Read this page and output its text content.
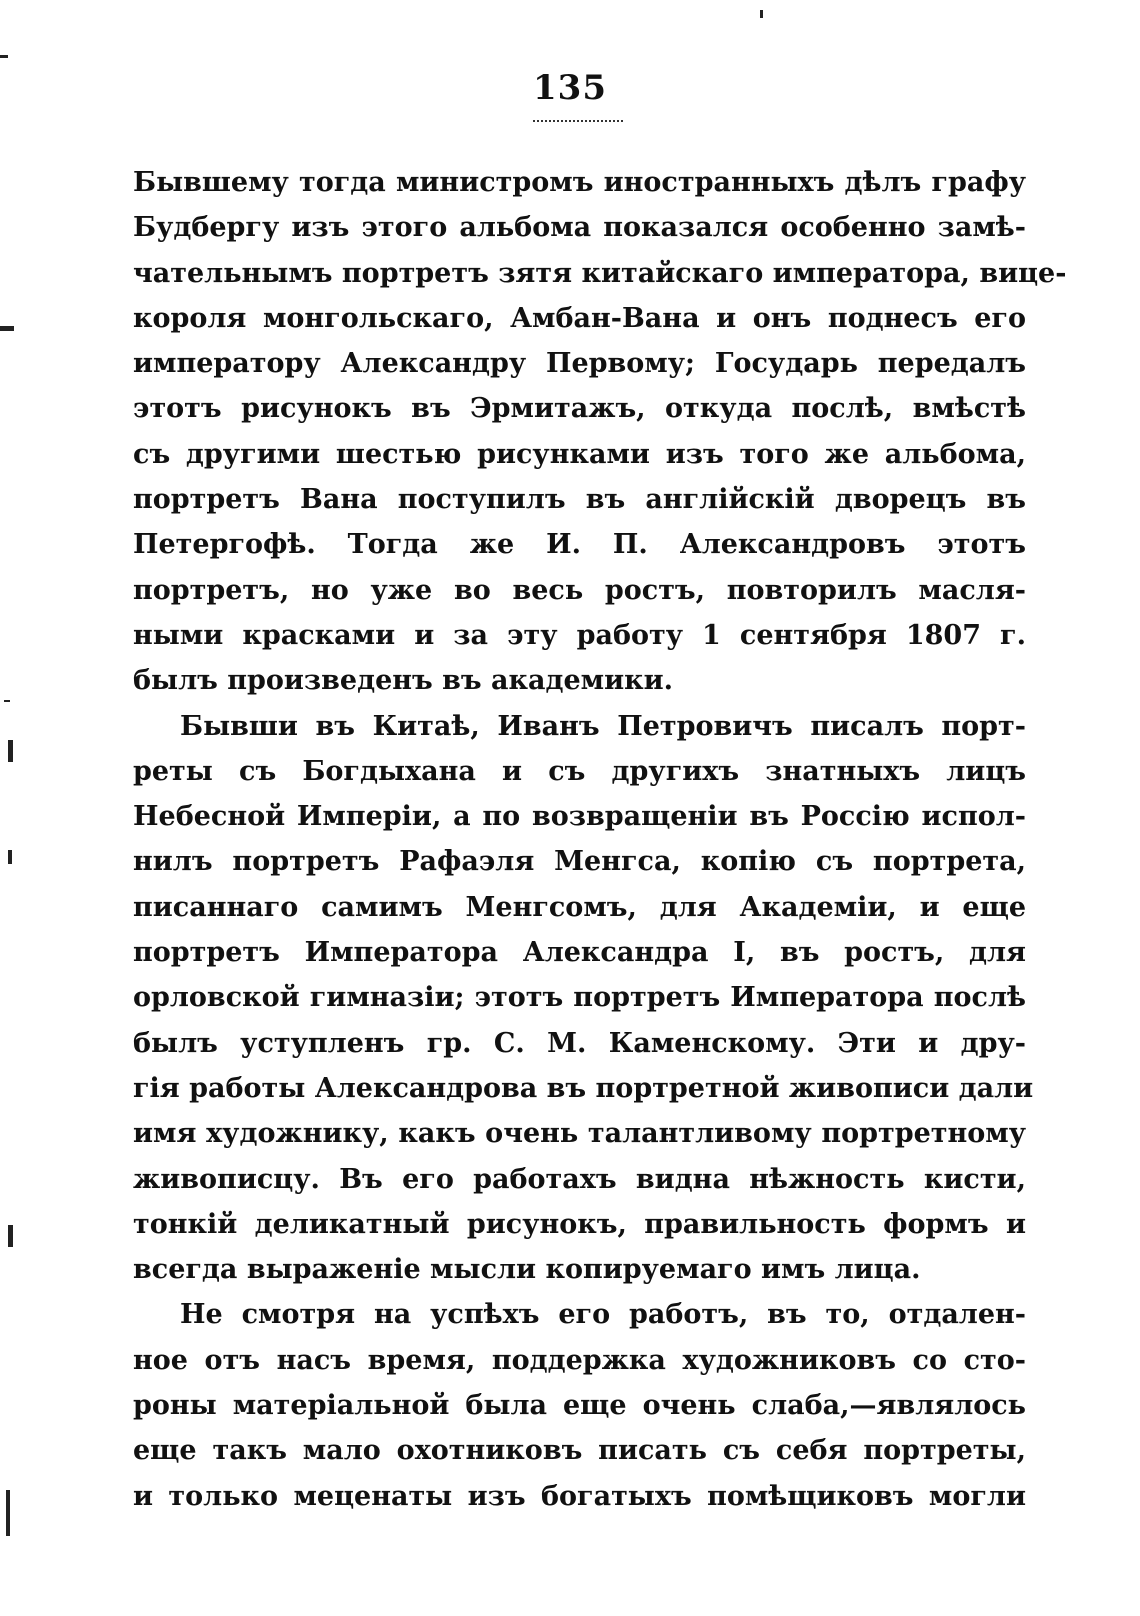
135
Бывшему тогда министромъ иностранныхъ дѣлъ графу
Будбергу изъ этого альбома показался особенно замѣ-
чательнымъ портретъ зятя китайскаго императора, вице-
короля монгольскаго, Амбан-Вана и онъ поднесъ его
императору Александру Первому; Государь передалъ
этотъ рисунокъ въ Эрмитажъ, откуда послѣ, вмѣстѣ
съ другими шестью рисунками изъ того же альбома,
портретъ Вана поступилъ въ англійскій дворецъ въ
Петергофѣ. Тогда же И. П. Александровъ этотъ
портретъ, но уже во весь ростъ, повторилъ масля-
ными красками и за эту работу 1 сентября 1807 г.
былъ произведенъ въ академики.
Бывши въ Китаѣ, Иванъ Петровичъ писалъ порт-
реты съ Богдыхана и съ другихъ знатныхъ лицъ
Небесной Имперіи, а по возвращеніи въ Россію испол-
нилъ портретъ Рафаэля Менгса, копію съ портрета,
писаннаго самимъ Менгсомъ, для Академіи, и еще
портретъ Императора Александра I, въ ростъ, для
орловской гимназіи; этотъ портретъ Императора послѣ
былъ уступленъ гр. С. М. Каменскому. Эти и дру-
гія работы Александрова въ портретной живописи дали
имя художнику, какъ очень талантливому портретному
живописцу. Въ его работахъ видна нѣжность кисти,
тонкій деликатный рисунокъ, правильность формъ и
всегда выраженіе мысли копируемаго имъ лица.
Не смотря на успѣхъ его работъ, въ то, отдален-
ное отъ насъ время, поддержка художниковъ со сто-
роны матеріальной была еще очень слаба,—являлось
еще такъ мало охотниковъ писать съ себя портреты,
и только меценаты изъ богатыхъ помѣщиковъ могли
